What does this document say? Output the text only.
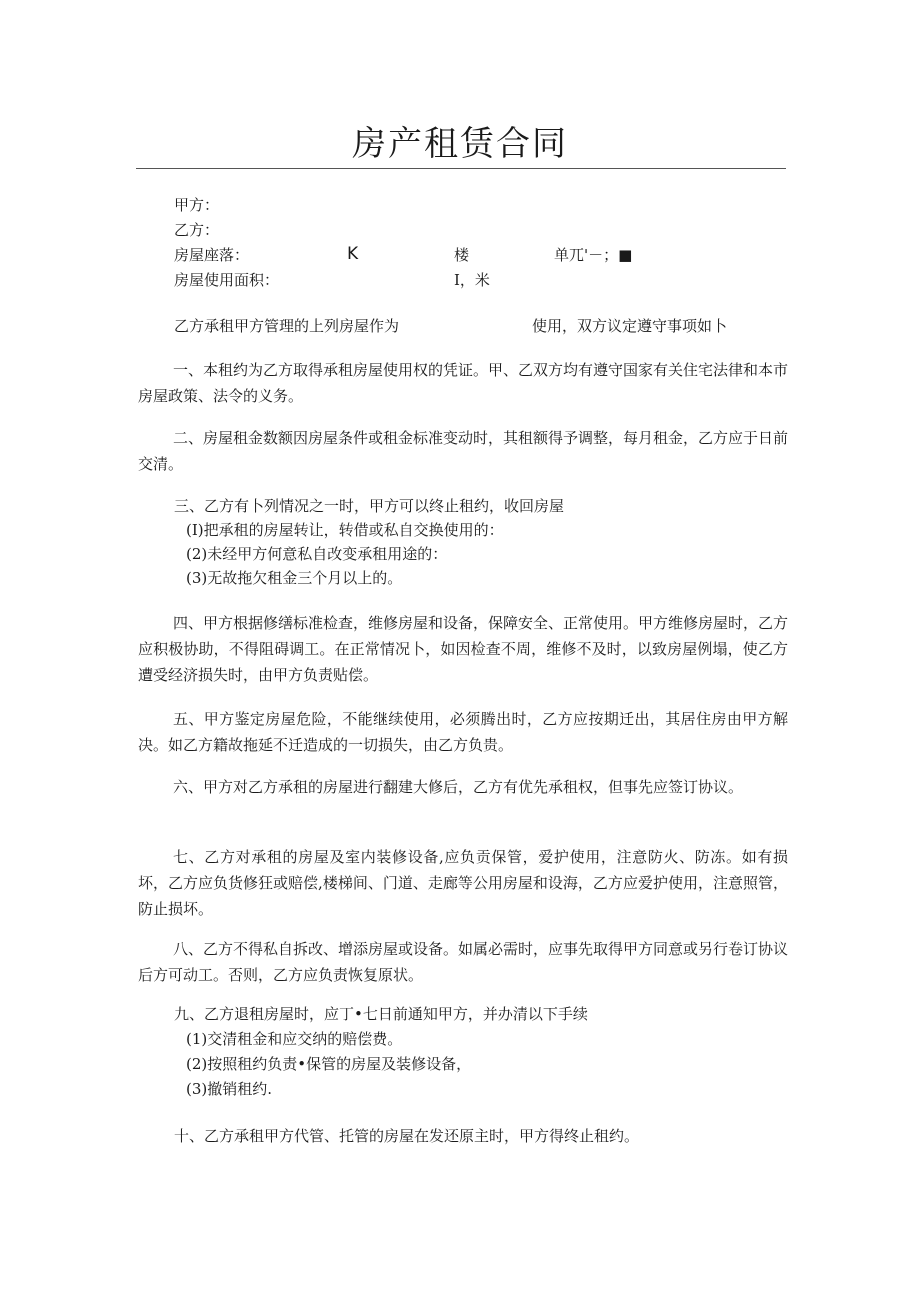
房产租赁合同
甲方：
乙方：
房屋座落：	K	楼	单兀'－；■
房屋使用面积：	I，米
乙方承租甲方管理的上列房屋作为	使用，双方议定遵守事项如卜

一、本租约为乙方取得承租房屋使用权的凭证。甲、乙双方均有遵守国家有关住宅法律和本市房屋政策、法令的义务。

二、房屋租金数额因房屋条件或租金标准变动时，其租额得予调整，每月租金，乙方应于日前交清。

三、乙方有卜列情况之一时，甲方可以终止租约，收回房屋
(I)把承租的房屋转让，转借或私自交换使用的：
(2)未经甲方何意私自改变承租用途的：
(3)无故拖欠租金三个月以上的。

四、甲方根据修缮标准检查，维修房屋和设备，保障安全、正常使用。甲方维修房屋时，乙方应积极协助，不得阻碍调工。在正常情况卜，如因检查不周，维修不及时，以致房屋例塌，使乙方遭受经济损失时，由甲方负责贴偿。

五、甲方鉴定房屋危险，不能继续使用，必须腾出时，乙方应按期迁出，其居住房由甲方解决。如乙方籍故拖延不迁造成的一切损失，由乙方负贵。

六、甲方对乙方承租的房屋进行翻建大修后，乙方有优先承租权，但事先应签订协议。

七、乙方对承租的房屋及室内装修设备,应负贡保管，爱护使用，注意防火、防冻。如有损坏，乙方应负货修狂或赔偿,楼梯间、门道、走廊等公用房屋和设海，乙方应爱护使用，注意照管，防止损坏。

八、乙方不得私自拆改、增添房屋或设备。如属必需时，应事先取得甲方同意或另行卷订协议后方可动工。否则，乙方应负责恢复原状。

九、乙方退租房屋时，应丁•七日前通知甲方，并办清以下手续
(1)交清租金和应交纳的赔偿费。
(2)按照租约负责•保管的房屋及装修设备，
(3)撤销租约.
十、乙方承租甲方代管、托管的房屋在发还原主时，甲方得终止租约。
